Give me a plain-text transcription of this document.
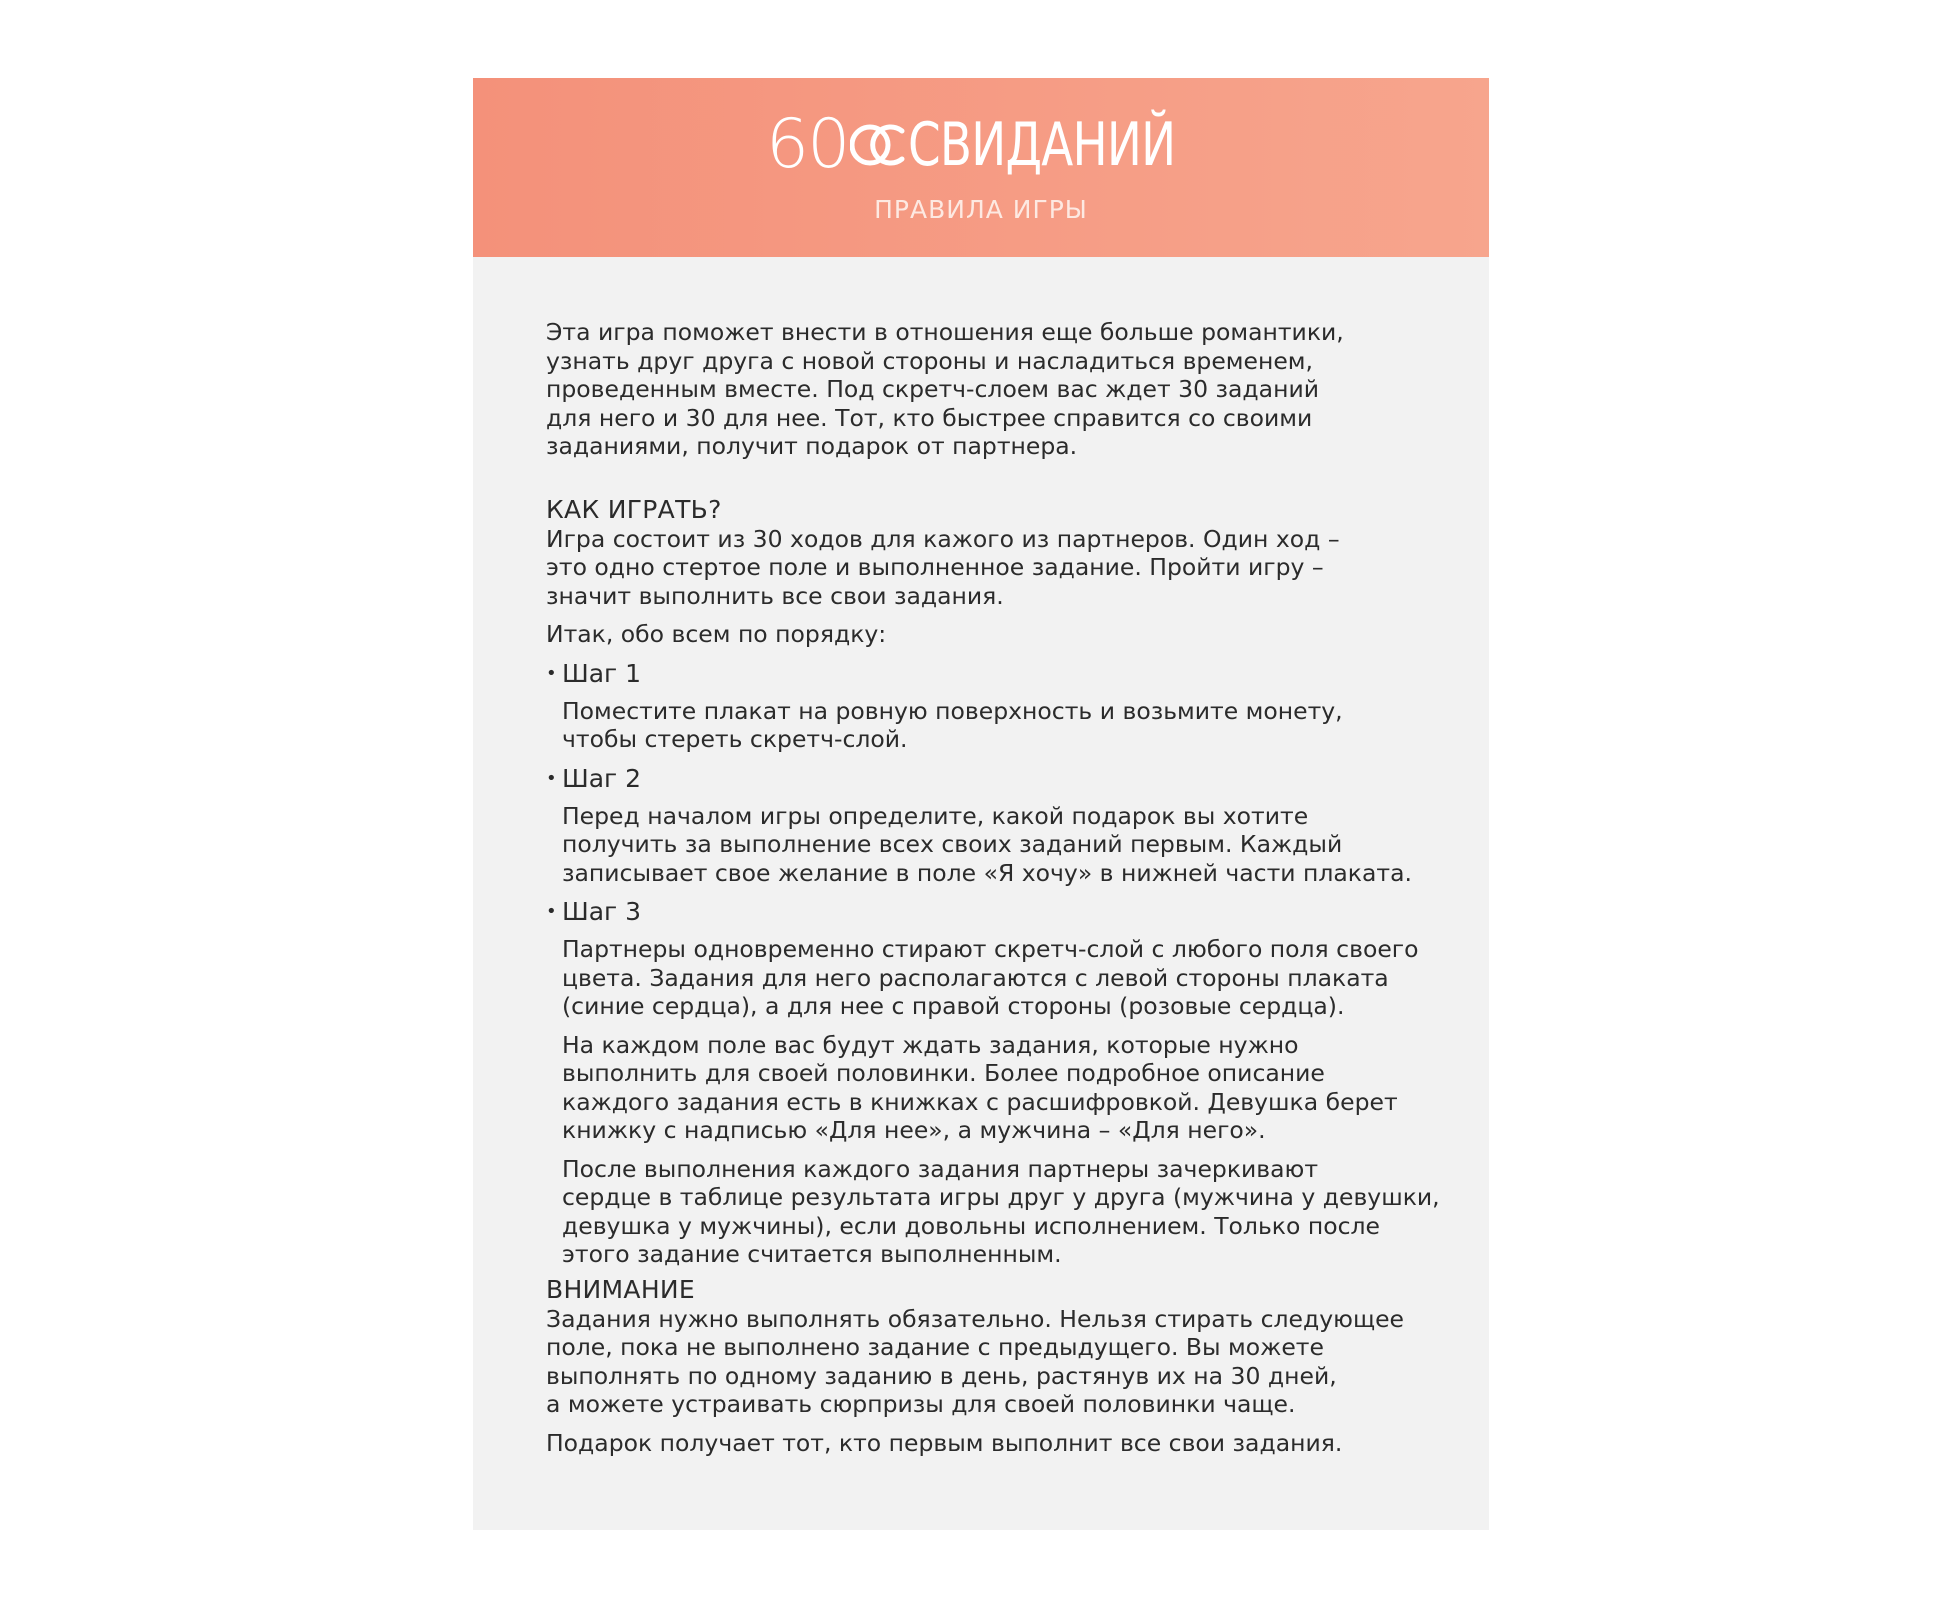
60 СВИДАНИЙ
ПРАВИЛА ИГРЫ

Эта игра поможет внести в отношения еще больше романтики,
узнать друг друга с новой стороны и насладиться временем,
проведенным вместе. Под скретч-слоем вас ждет 30 заданий
для него и 30 для нее. Тот, кто быстрее справится со своими
заданиями, получит подарок от партнера.

КАК ИГРАТЬ?

Игра состоит из 30 ходов для кажого из партнеров. Один ход –
это одно стертое поле и выполненное задание. Пройти игру –
значит выполнить все свои задания.

Итак, обо всем по порядку:

• Шаг 1

Поместите плакат на ровную поверхность и возьмите монету,
чтобы стереть скретч-слой.

• Шаг 2

Перед началом игры определите, какой подарок вы хотите
получить за выполнение всех своих заданий первым. Каждый
записывает свое желание в поле «Я хочу» в нижней части плаката.

• Шаг 3

Партнеры одновременно стирают скретч-слой с любого поля своего
цвета. Задания для него располагаются с левой стороны плаката
(синие сердца), а для нее с правой стороны (розовые сердца).

На каждом поле вас будут ждать задания, которые нужно
выполнить для своей половинки. Более подробное описание
каждого задания есть в книжках с расшифровкой. Девушка берет
книжку с надписью «Для нее», а мужчина – «Для него».

После выполнения каждого задания партнеры зачеркивают
сердце в таблице результата игры друг у друга (мужчина у девушки,
девушка у мужчины), если довольны исполнением. Только после
этого задание считается выполненным.

ВНИМАНИЕ

Задания нужно выполнять обязательно. Нельзя стирать следующее
поле, пока не выполнено задание с предыдущего. Вы можете
выполнять по одному заданию в день, растянув их на 30 дней,
а можете устраивать сюрпризы для своей половинки чаще.

Подарок получает тот, кто первым выполнит все свои задания.
